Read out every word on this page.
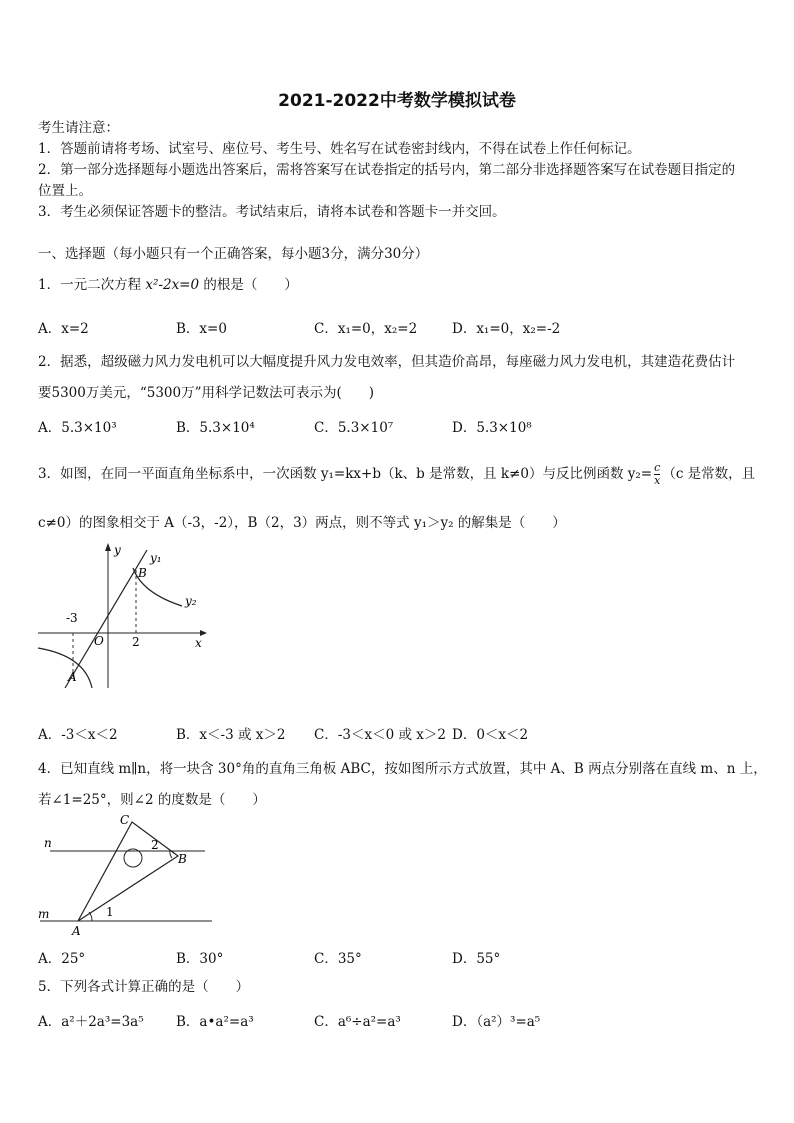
2021-2022中考数学模拟试卷
考生请注意：
1．答题前请将考场、试室号、座位号、考生号、姓名写在试卷密封线内，不得在试卷上作任何标记。
2．第一部分选择题每小题选出答案后，需将答案写在试卷指定的括号内，第二部分非选择题答案写在试卷题目指定的
位置上。
3．考生必须保证答题卡的整洁。考试结束后，请将本试卷和答题卡一并交回。
一、选择题（每小题只有一个正确答案，每小题3分，满分30分）
1．一元二次方程 x²-2x=0 的根是（　　）
A．x=2	B．x=0	C．x₁=0，x₂=2	D．x₁=0，x₂=-2
2．据悉，超级磁力风力发电机可以大幅度提升风力发电效率，但其造价高昂，每座磁力风力发电机，其建造花费估计
要5300万美元，“5300万”用科学记数法可表示为(　　)
A．5.3×10³	B．5.3×10⁴	C．5.3×10⁷	D．5.3×10⁸
3．如图，在同一平面直角坐标系中，一次函数 y₁=kx+b（k、b 是常数，且 k≠0）与反比例函数 $y_2= \frac{c}{x} (c$ 是常数，且
c≠0）的图象相交于 A（-3，-2），B（2，3）两点，则不等式 y₁＞y₂ 的解集是（　　）
y
y₁
B
y₂
-3
O 2	x
A
A．-3＜x＜2	B．x＜-3 或 x＞2 C．-3＜x＜0 或 x＞2 D．0＜x＜2
4．已知直线 m∥n，将一块含 30°角的直角三角板 ABC，按如图所示方式放置，其中 A、B 两点分别落在直线 m、n 上，
若∠1=25°，则∠2 的度数是（　　）
C
n	2
B
m	1
A
A．25°	B．30°	C．35°	D．55°
5．下列各式计算正确的是（　　）
A．a²＋2a³=3a⁵ B．a•a²=a³	C．a⁶÷a²=a³	D．（a²）³=a⁵
